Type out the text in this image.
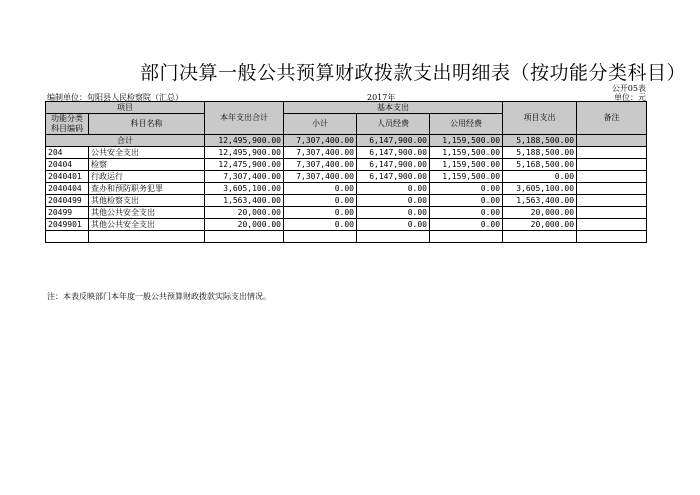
部门决算一般公共预算财政拨款支出明细表（按功能分类科目）
公开05表
编制单位：旬阳县人民检察院（汇总）	2017年	单位：元
项目		本年支出合计	基本支出			项目支出	备注
功能分类科目编码	科目名称		小计	人员经费	公用经费		
合计		12,495,900.00	7,307,400.00	6,147,900.00	1,159,500.00	5,188,500.00	
204	公共安全支出	12,495,900.00	7,307,400.00	6,147,900.00	1,159,500.00	5,188,500.00	
20404	检察	12,475,900.00	7,307,400.00	6,147,900.00	1,159,500.00	5,168,500.00	
2040401	行政运行	7,307,400.00	7,307,400.00	6,147,900.00	1,159,500.00	0.00	
2040404	查办和预防职务犯罪	3,605,100.00	0.00	0.00	0.00	3,605,100.00	
2040499	其他检察支出	1,563,400.00	0.00	0.00	0.00	1,563,400.00	
20499	其他公共安全支出	20,000.00	0.00	0.00	0.00	20,000.00	
2049901	其他公共安全支出	20,000.00	0.00	0.00	0.00	20,000.00	

注：本表反映部门本年度一般公共预算财政拨款实际支出情况。
